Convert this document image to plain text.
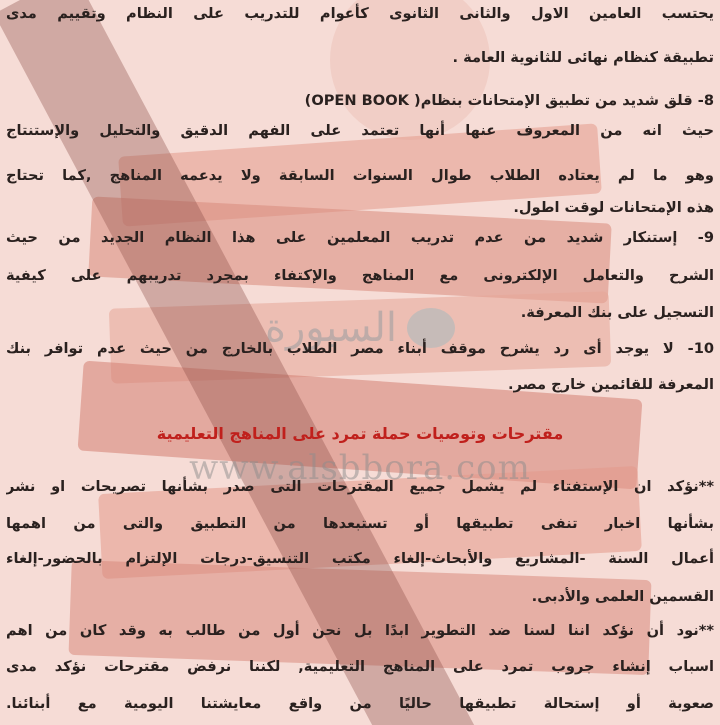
السبورة
www.alsbbora.com

يحتسب العامين الاول والثانى الثانوى كأعوام للتدريب على النظام وتقييم مدى

تطبيقة كنظام نهائى للثانوية العامة .

8- قلق شديد من تطبيق الإمتحانات بنظام( OPEN BOOK)

حيث انه من المعروف عنها أنها تعتمد على الفهم الدقيق والتحليل والإستنتاج

وهو ما لم يعتاده الطلاب طوال السنوات السابقة ولا يدعمه المناهج ,كما تحتاج

هذه الإمتحانات لوقت اطول.

9- إستنكار شديد من عدم تدريب المعلمين على هذا النظام الجديد من حيث

الشرح والتعامل الإلكترونى مع المناهج والإكتفاء بمجرد تدريبهم على كيفية

التسجيل على بنك المعرفة.

10- لا يوجد أى رد يشرح موقف أبناء مصر الطلاب بالخارج من حيث عدم توافر بنك

المعرفة للقائمين خارج مصر.

مقترحات وتوصيات حملة تمرد على المناهج التعليمية

**نؤكد ان الإستفتاء لم يشمل جميع المقترحات التى صدر بشأنها تصريحات او نشر

بشأنها اخبار تنفى تطبيقها أو تستبعدها من التطبيق والتى من اهمها

أعمال السنة -المشاريع والأبحاث-إلغاء مكتب التنسيق-درجات الإلتزام بالحضور-إلغاء

القسمين العلمى والأدبى.

**نود أن نؤكد اننا لسنا ضد التطوير ابدًا بل نحن أول من طالب به وقد كان من اهم

اسباب إنشاء جروب تمرد على المناهج التعليمية, لكننا نرفض مقترحات نؤكد مدى

صعوبة أو إستحالة تطبيقها حاليًا من واقع معايشتنا اليومية مع أبنائنا.
